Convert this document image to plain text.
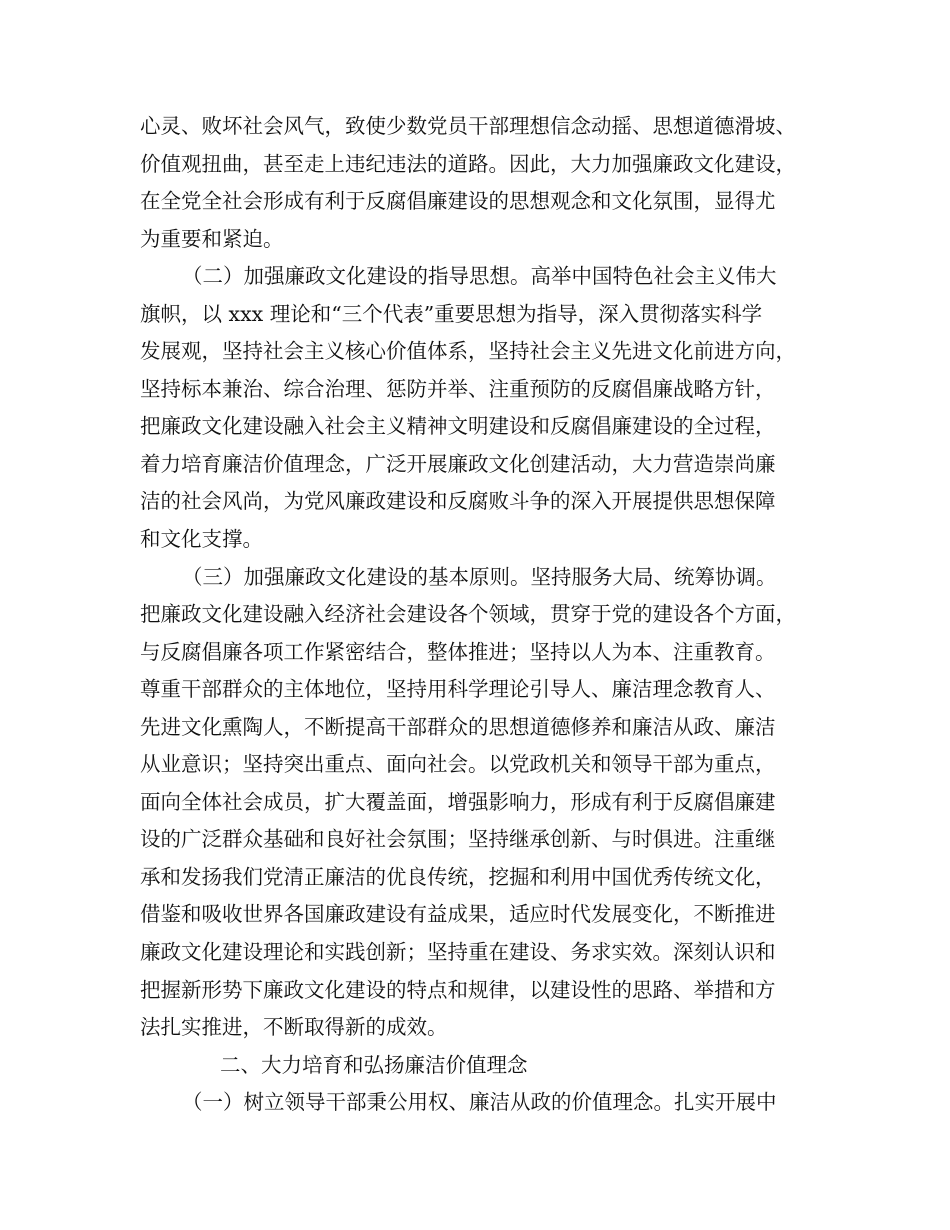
心灵、败坏社会风气，致使少数党员干部理想信念动摇、思想道德滑坡、
价值观扭曲，甚至走上违纪违法的道路。因此，大力加强廉政文化建设，
在全党全社会形成有利于反腐倡廉建设的思想观念和文化氛围，显得尤
为重要和紧迫。
（二）加强廉政文化建设的指导思想。高举中国特色社会主义伟大
旗帜，以 xxx 理论和“三个代表”重要思想为指导，深入贯彻落实科学
发展观，坚持社会主义核心价值体系，坚持社会主义先进文化前进方向，
坚持标本兼治、综合治理、惩防并举、注重预防的反腐倡廉战略方针，
把廉政文化建设融入社会主义精神文明建设和反腐倡廉建设的全过程，
着力培育廉洁价值理念，广泛开展廉政文化创建活动，大力营造崇尚廉
洁的社会风尚，为党风廉政建设和反腐败斗争的深入开展提供思想保障
和文化支撑。
（三）加强廉政文化建设的基本原则。坚持服务大局、统筹协调。
把廉政文化建设融入经济社会建设各个领域，贯穿于党的建设各个方面，
与反腐倡廉各项工作紧密结合，整体推进；坚持以人为本、注重教育。
尊重干部群众的主体地位，坚持用科学理论引导人、廉洁理念教育人、
先进文化熏陶人，不断提高干部群众的思想道德修养和廉洁从政、廉洁
从业意识；坚持突出重点、面向社会。以党政机关和领导干部为重点，
面向全体社会成员，扩大覆盖面，增强影响力，形成有利于反腐倡廉建
设的广泛群众基础和良好社会氛围；坚持继承创新、与时俱进。注重继
承和发扬我们党清正廉洁的优良传统，挖掘和利用中国优秀传统文化，
借鉴和吸收世界各国廉政建设有益成果，适应时代发展变化，不断推进
廉政文化建设理论和实践创新；坚持重在建设、务求实效。深刻认识和
把握新形势下廉政文化建设的特点和规律，以建设性的思路、举措和方
法扎实推进，不断取得新的成效。
二、大力培育和弘扬廉洁价值理念
（一）树立领导干部秉公用权、廉洁从政的价值理念。扎实开展中
